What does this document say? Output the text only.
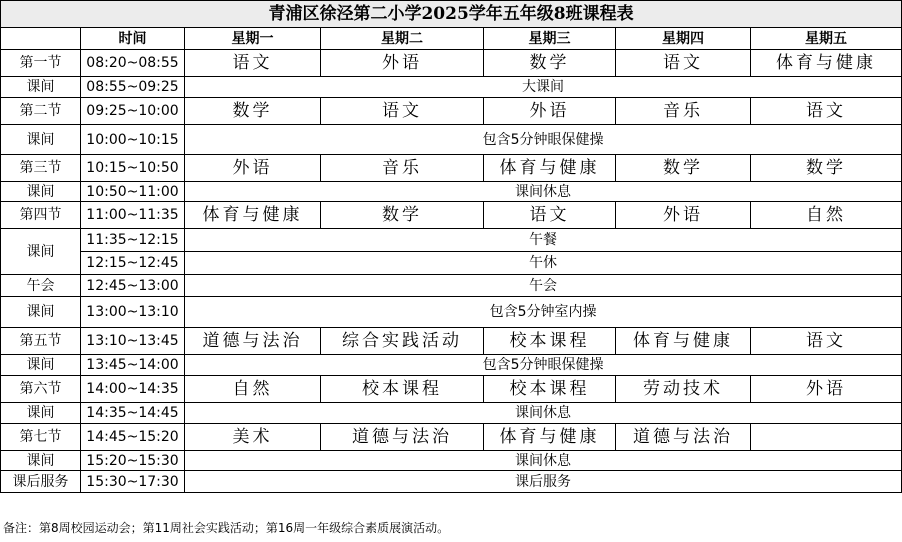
青浦区徐泾第二小学2025学年五年级8班课程表						
	时间	星期一	星期二	星期三	星期四	星期五
第一节	08:20~08:55	语文	外语	数学	语文	体育与健康
课间	08:55~09:25	大课间				
第二节	09:25~10:00	数学	语文	外语	音乐	语文
课间	10:00~10:15	包含5分钟眼保健操				
第三节	10:15~10:50	外语	音乐	体育与健康	数学	数学
课间	10:50~11:00	课间休息				
第四节	11:00~11:35	体育与健康	数学	语文	外语	自然
课间	11:35~12:15	午餐				
	12:15~12:45	午休				
午会	12:45~13:00	午会				
课间	13:00~13:10	包含5分钟室内操				
第五节	13:10~13:45	道德与法治	综合实践活动	校本课程	体育与健康	语文
课间	13:45~14:00	包含5分钟眼保健操				
第六节	14:00~14:35	自然	校本课程	校本课程	劳动技术	外语
课间	14:35~14:45	课间休息				
第七节	14:45~15:20	美术	道德与法治	体育与健康	道德与法治	
课间	15:20~15:30	课间休息				
课后服务	15:30~17:30	课后服务				
备注：第8周校园运动会；第11周社会实践活动；第16周一年级综合素质展演活动。
